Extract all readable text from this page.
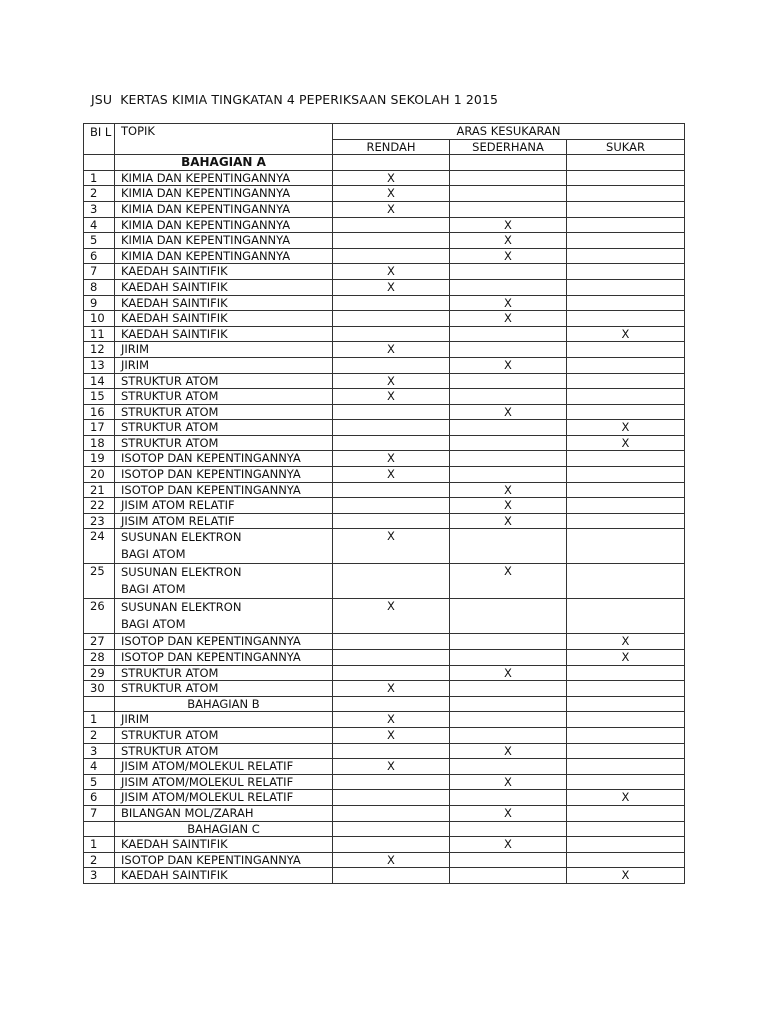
JSU  KERTAS KIMIA TINGKATAN 4 PEPERIKSAAN SEKOLAH 1 2015
BI L	TOPIK	ARAS KESUKARAN		
		RENDAH	SEDERHANA	SUKAR
	BAHAGIAN A			
1	KIMIA DAN KEPENTINGANNYA	X		
2	KIMIA DAN KEPENTINGANNYA	X		
3	KIMIA DAN KEPENTINGANNYA	X		
4	KIMIA DAN KEPENTINGANNYA		X	
5	KIMIA DAN KEPENTINGANNYA		X	
6	KIMIA DAN KEPENTINGANNYA		X	
7	KAEDAH SAINTIFIK	X		
8	KAEDAH SAINTIFIK	X		
9	KAEDAH SAINTIFIK		X	
10	KAEDAH SAINTIFIK		X	
11	KAEDAH SAINTIFIK			X
12	JIRIM	X		
13	JIRIM		X	
14	STRUKTUR ATOM	X		
15	STRUKTUR ATOM	X		
16	STRUKTUR ATOM		X	
17	STRUKTUR ATOM			X
18	STRUKTUR ATOM			X
19	ISOTOP DAN KEPENTINGANNYA	X		
20	ISOTOP DAN KEPENTINGANNYA	X		
21	ISOTOP DAN KEPENTINGANNYA		X	
22	JISIM ATOM RELATIF		X	
23	JISIM ATOM RELATIF		X	
24	SUSUNAN ELEKTRON BAGI ATOM	X		
25	SUSUNAN ELEKTRON BAGI ATOM		X	
26	SUSUNAN ELEKTRON BAGI ATOM	X		
27	ISOTOP DAN KEPENTINGANNYA			X
28	ISOTOP DAN KEPENTINGANNYA			X
29	STRUKTUR ATOM		X	
30	STRUKTUR ATOM	X		
	BAHAGIAN B			
1	JIRIM	X		
2	STRUKTUR ATOM	X		
3	STRUKTUR ATOM		X	
4	JISIM ATOM/MOLEKUL RELATIF	X		
5	JISIM ATOM/MOLEKUL RELATIF		X	
6	JISIM ATOM/MOLEKUL RELATIF			X
7	BILANGAN MOL/ZARAH		X	
	BAHAGIAN C			
1	KAEDAH SAINTIFIK		X	
2	ISOTOP DAN KEPENTINGANNYA	X		
3	KAEDAH SAINTIFIK			X
